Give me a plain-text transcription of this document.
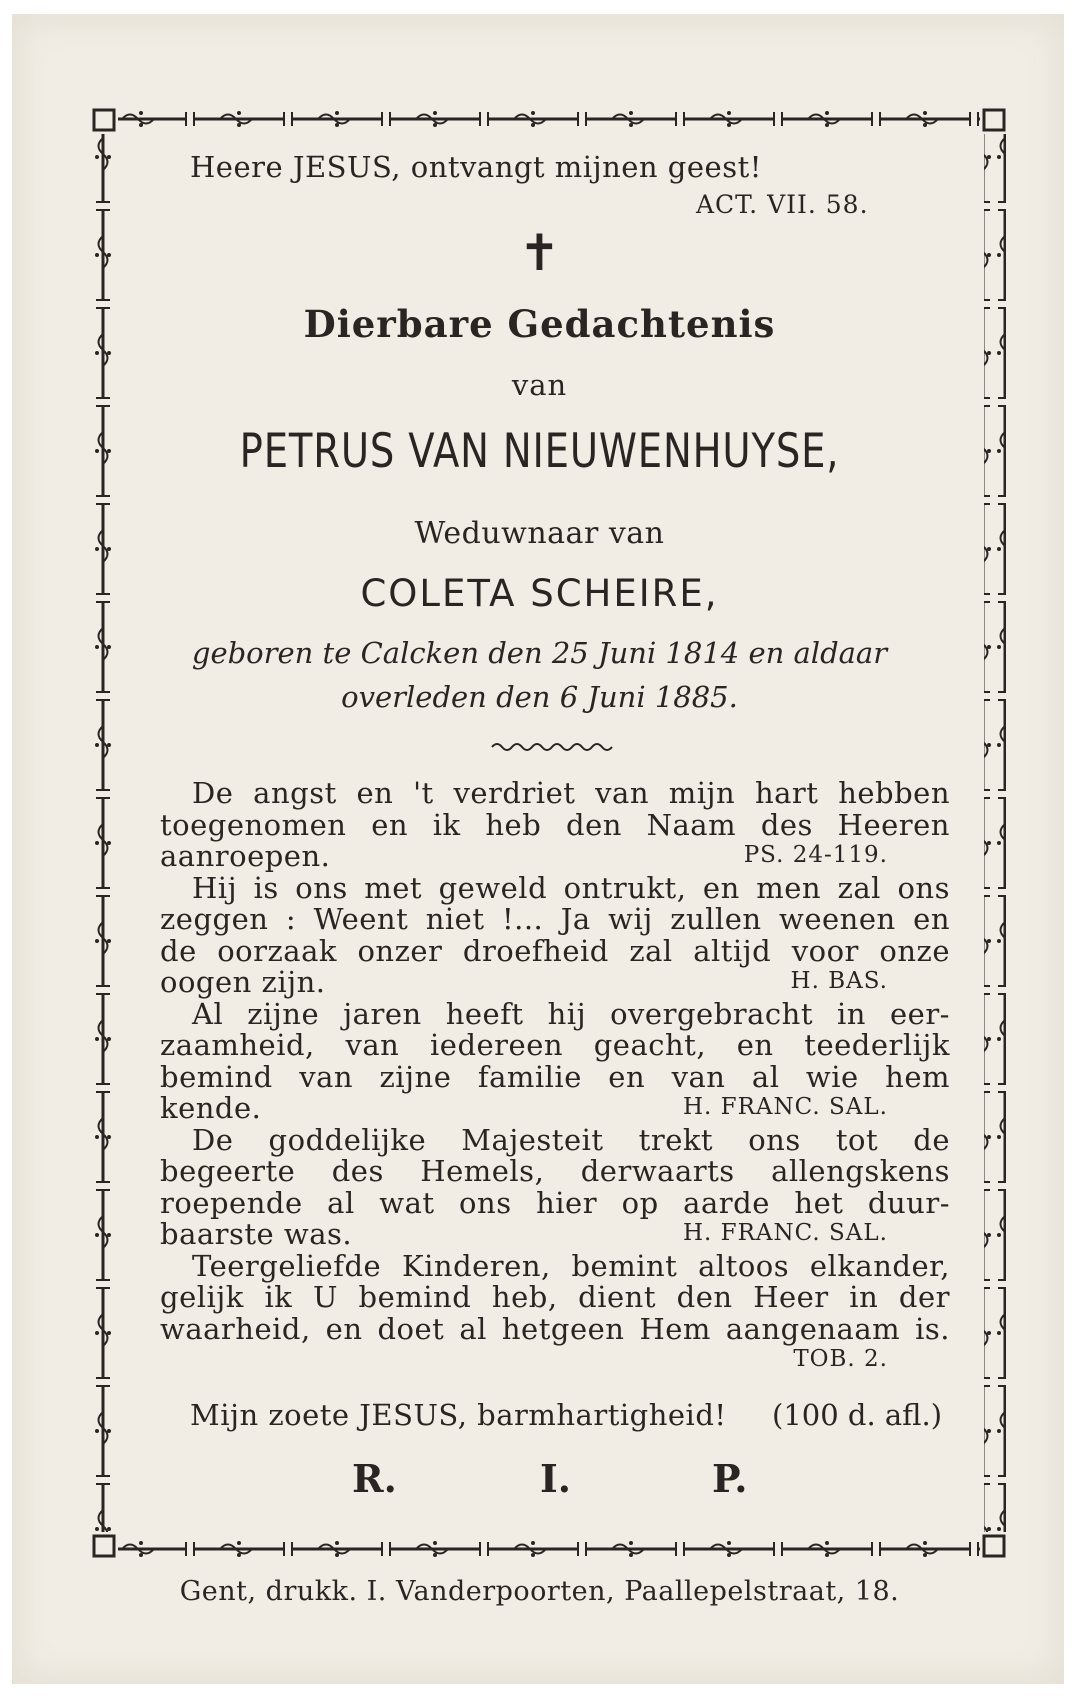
Heere JESUS, ontvangt mijnen geest!
ACT. VII. 58.
✝
Dierbare Gedachtenis
van
PETRUS VAN NIEUWENHUYSE,
Weduwnaar van
COLETA SCHEIRE,
geboren te Calcken den 25 Juni 1814 en aldaar
overleden den 6 Juni 1885.
De angst en 't verdriet van mijn hart hebben
toegenomen en ik heb den Naam des Heeren
aanroepen.	PS. 24-119.
Hij is ons met geweld ontrukt, en men zal ons
zeggen : Weent niet !... Ja wij zullen weenen en
de oorzaak onzer droefheid zal altijd voor onze
oogen zijn.	H. BAS.
Al zijne jaren heeft hij overgebracht in eer-
zaamheid, van iedereen geacht, en teederlijk
bemind van zijne familie en van al wie hem
kende.	H. FRANC. SAL.
De goddelijke Majesteit trekt ons tot de
begeerte des Hemels, derwaarts allengskens
roepende al wat ons hier op aarde het duur-
baarste was.	H. FRANC. SAL.
Teergeliefde Kinderen, bemint altoos elkander,
gelijk ik U bemind heb, dient den Heer in der
waarheid, en doet al hetgeen Hem aangenaam is.
TOB. 2.
Mijn zoete JESUS, barmhartigheid! (100 d. afl.)
R.	I.	P.
Gent, drukk. I. Vanderpoorten, Paallepelstraat, 18.
